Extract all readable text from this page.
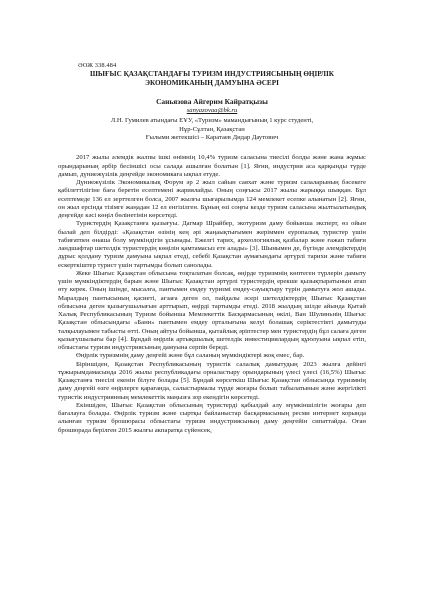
ӘОЖ 338.484
ШЫҒЫС ҚАЗАҚСТАНДАҒЫ ТУРИЗМ ИНДУСТРИЯСЫНЫҢ ӨҢІРЛІК
ЭКОНОМИКАНЫҢ ДАМУЫНА ӘСЕРІ
Саньязова Айгерим Кайратқызы
sanyazovaa@bk.ru
Л.Н. Гумилев атындағы ЕҰУ, «Туризм» мамандығының 1 курс студенті,
Нұр-Сұлтан, Қазақстан
Ғылыми жетекшісі – Каратаев Дидар Даутович

2017 жылы әлемдік жалпы ішкі өнімнің 10,4% туризм саласына тиесілі болды және жана жұмыс орындарының әрбір бесіншісі осы салада ашылған болатын [1]. Яғни, индустрия аса қарқынды түрде дамып, дүниежүзілік деңгейде экономикаға ықпал етуде.

Дүниежүзілік Экономикалық Форум әр 2 жыл сайын саяхат және туризм салаларының бәсекеге қабілеттілігіне баға беретін есептемені жариялайды. Оның соңғысы 2017 жылы жарыққа шыққан. Бұл есептемеде 136 ел зерттелген болса, 2007 жылғы шығарылымда 124 мемлекет есепке алынатын [2]. Яғни, он жыл ерсінда тізімге жаңадан 12 ел енгізілген. Бұның өзі соңғы кезде туризм саласына жылтылатындық деңгейде кәсі көңіл бөлінетінін көрсетеді.

Туристердің Қазақстанға қызығуы. Дагмар Шрайбер, экотуризм даму бойынша эксперт, өз ойын былай деп білдірді: «Қазақстан өзінің кең әрі жаңаықтығымен жеріммен еуропалық туристер үшін табиғатпен өнаша болу мүмкіндігін ұсынады. Ежелгі тарих, археологиялық қазбалар және ғажап табиғи ландшафтар шетелдік туристердің көңілін қамтамасыз ете алады» [3]. Шынымен де, бүгінде әлемдіктердің дұрыс қолдану туризм дамуына ықпал етеді, себебі Қазақстан аумағындағы әртүрлі тарихи және табиғи ескерткіштер турист үшін тартымды болып санолады.

Жеке Шығыс Қазақстан облысына тоқталатын болсақ, өңірде туризмнің көптеген түрлерін дамыту үшін мүмкіндіктердің барын және Шығыс Қазақстан әртүрлі туристердің ерекше қызықтыратынын атап өту керек. Оның ішінде, мысалға, пантымен емдеу туризмі емдеу-сауықтыру түрін дамытуға жол ашады. Маралдың пантысының қасиеті, ағзаға деген ол, пайдалы әсері шетелдіктердің Шығыс Қазақстан облысына деген қызығушылығын арттырып, өңірді тартымды етеді. 2018 жылдың шілде айында Қытай Халық Республикасының Туризм бойынша Мемлекеттік Басқармасының өкілі, Ван Шулиньнің Шығыс Қазақстан облысындағы «Бани» пантымен емдеу орталығына келуі болашақ серіктестікті дамытуды талқылауымен табысты өтті. Оның айтуы бойынша, қытайлық әріптестер мен туристердің бұл салаға деген қызығушылығы бар [4]. Бұндай өңірлік артықшылық шетелдік инвестициялардың құюлуына ықпал етіп, облыстағы туризм индустриясының дамуына серпін береді.

Өңірлік туризмнің даму деңгейі және бұл саланың мүмкіндіктері жоқ емес, бар.

Біріншіден, Қазақстан Республикасының туристік салалық дамытудың 2023 жылға дейінгі тұжырымдамасында 2016 жылы республикадағы орналастыру орындарының үлесі үлесі (16,5%) Шығыс Қазақстанға тиесілі екенін білуге болады [5]. Бұндай көрсеткіш Шығыс Қазақстан облысында туризмнің даму деңгейі өзге өңірлерге қарағанда, салыстырмалы түрде жоғары болып табылатынын және жергілікті туристік индустриянның мемлекеттік маңызға зор екендігін көрсетеді.

Екіншіден, Шығыс Қазақстан облысының туристерді қабылдай алу мүмкіншілігін жоғары деп бағалауға болады. Өңірлік туризм және сыртқы байланыстар басқармасының ресми интернет корында алынған туризм брошюрасы облыстағы туризм индустриясының даму деңгейін сипаттайды. Оған брошюрада берілген 2015 жылғы акпаратқа сүйенсек,
